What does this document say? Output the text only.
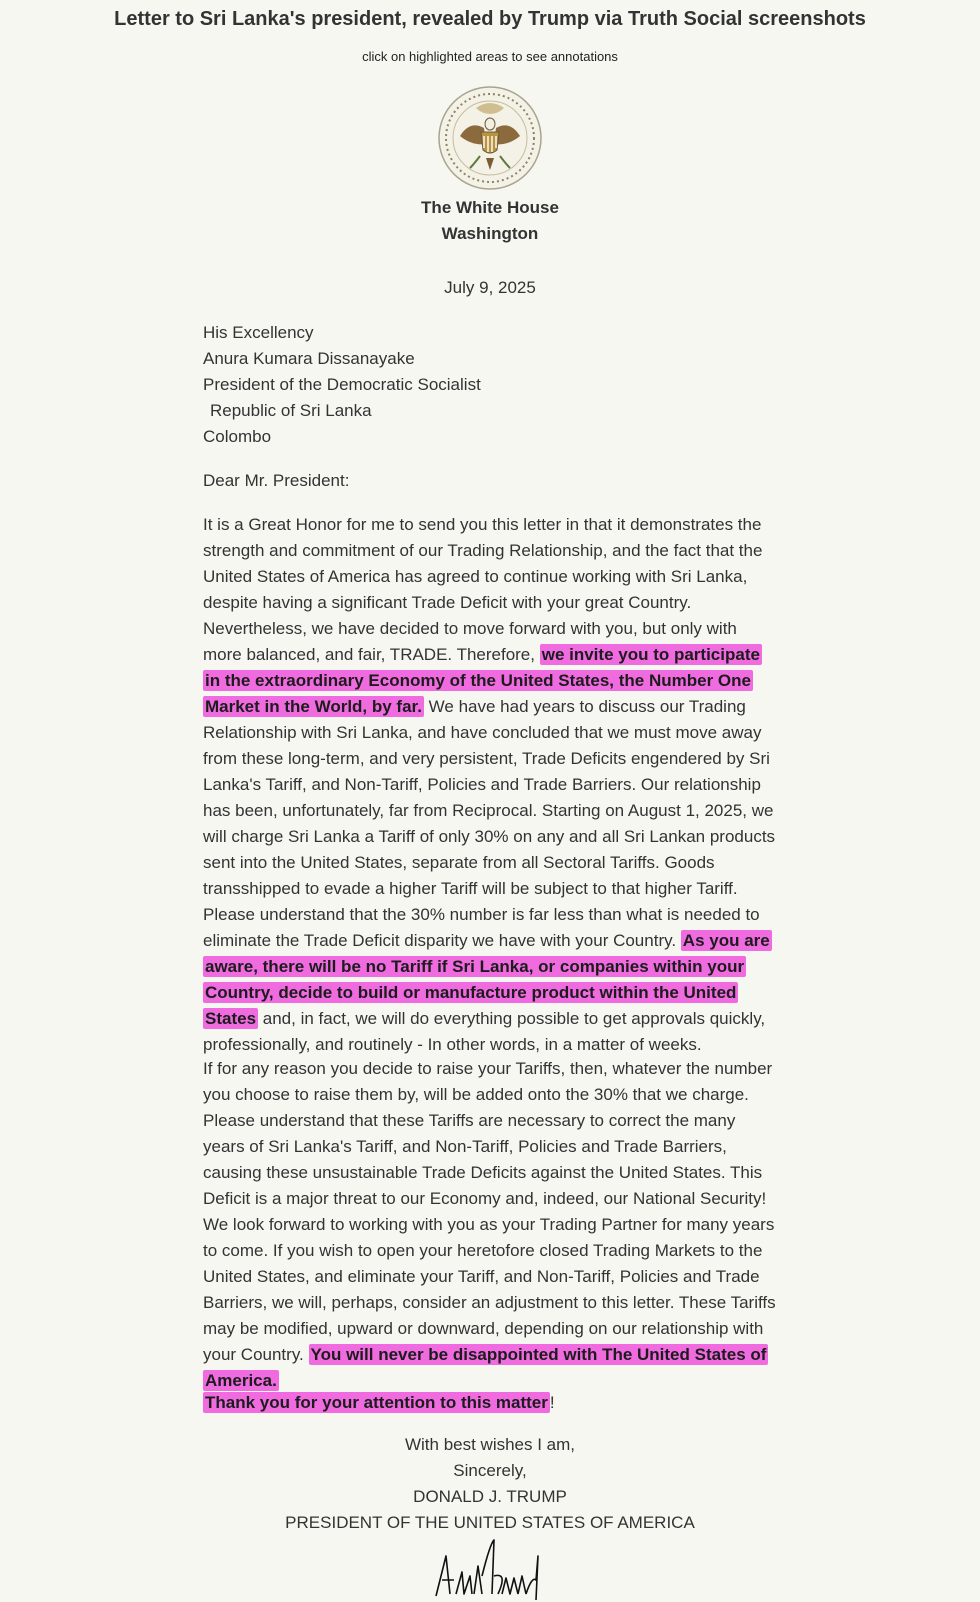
Letter to Sri Lanka's president, revealed by Trump via Truth Social screenshots
click on highlighted areas to see annotations
The White House
Washington
July 9, 2025
His Excellency
Anura Kumara Dissanayake
President of the Democratic Socialist
Republic of Sri Lanka
Colombo
Dear Mr. President:

It is a Great Honor for me to send you this letter in that it demonstrates the strength and commitment of our Trading Relationship, and the fact that the United States of America has agreed to continue working with Sri Lanka, despite having a significant Trade Deficit with your great Country. Nevertheless, we have decided to move forward with you, but only with more balanced, and fair, TRADE. Therefore, we invite you to participate in the extraordinary Economy of the United States, the Number One Market in the World, by far. We have had years to discuss our Trading Relationship with Sri Lanka, and have concluded that we must move away from these long-term, and very persistent, Trade Deficits engendered by Sri Lanka's Tariff, and Non-Tariff, Policies and Trade Barriers. Our relationship has been, unfortunately, far from Reciprocal. Starting on August 1, 2025, we will charge Sri Lanka a Tariff of only 30% on any and all Sri Lankan products sent into the United States, separate from all Sectoral Tariffs. Goods transshipped to evade a higher Tariff will be subject to that higher Tariff. Please understand that the 30% number is far less than what is needed to eliminate the Trade Deficit disparity we have with your Country. As you are aware, there will be no Tariff if Sri Lanka, or companies within your Country, decide to build or manufacture product within the United States and, in fact, we will do everything possible to get approvals quickly, professionally, and routinely - In other words, in a matter of weeks.

If for any reason you decide to raise your Tariffs, then, whatever the number you choose to raise them by, will be added onto the 30% that we charge. Please understand that these Tariffs are necessary to correct the many years of Sri Lanka's Tariff, and Non-Tariff, Policies and Trade Barriers, causing these unsustainable Trade Deficits against the United States. This Deficit is a major threat to our Economy and, indeed, our National Security!
We look forward to working with you as your Trading Partner for many years to come. If you wish to open your heretofore closed Trading Markets to the United States, and eliminate your Tariff, and Non-Tariff, Policies and Trade Barriers, we will, perhaps, consider an adjustment to this letter. These Tariffs may be modified, upward or downward, depending on our relationship with your Country. You will never be disappointed with The United States of America.
Thank you for your attention to this matter !
With best wishes I am,
Sincerely,
DONALD J. TRUMP
PRESIDENT OF THE UNITED STATES OF AMERICA
